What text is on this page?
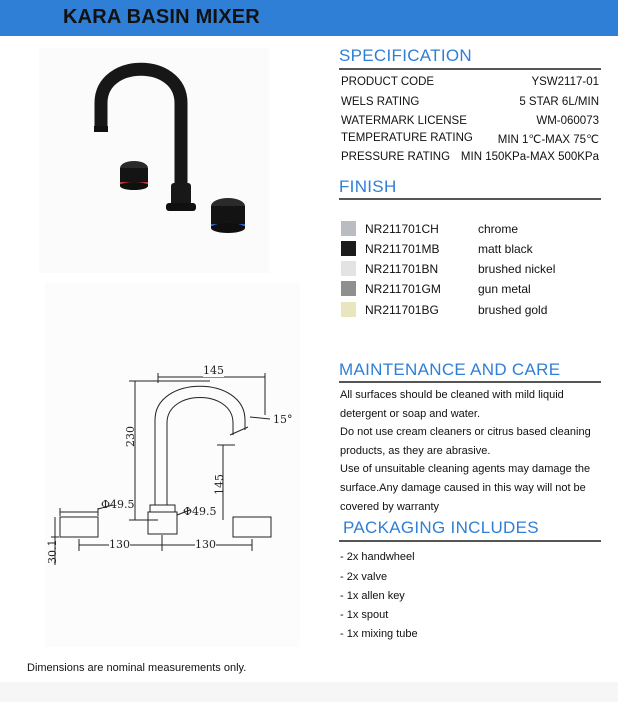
KARA BASIN MIXER
145
15°
230
145
Φ49.5
Φ49.5
30.1	130	130
SPECIFICATION
PRODUCT CODE	YSW2117-01
WELS RATING	5 STAR 6L/MIN
WATERMARK LICENSE	WM-060073
TEMPERATURE RATING MIN 1℃-MAX 75℃
PRESSURE RATING MIN 150KPa-MAX 500KPa
FINISH
NR211701CH	chrome
NR211701MB	matt black
NR211701BN	brushed nickel
NR211701GM	gun metal
NR211701BG	brushed gold
MAINTENANCE AND CARE
All surfaces should be cleaned with mild liquid
detergent or soap and water.
Do not use cream cleaners or citrus based cleaning
products, as they are abrasive.
Use of unsuitable cleaning agents may damage the
surface.Any damage caused in this way will not be
covered by warranty
PACKAGING INCLUDES
- 2x handwheel
- 2x valve
- 1x allen key
- 1x spout
- 1x mixing tube
Dimensions are nominal measurements only.
